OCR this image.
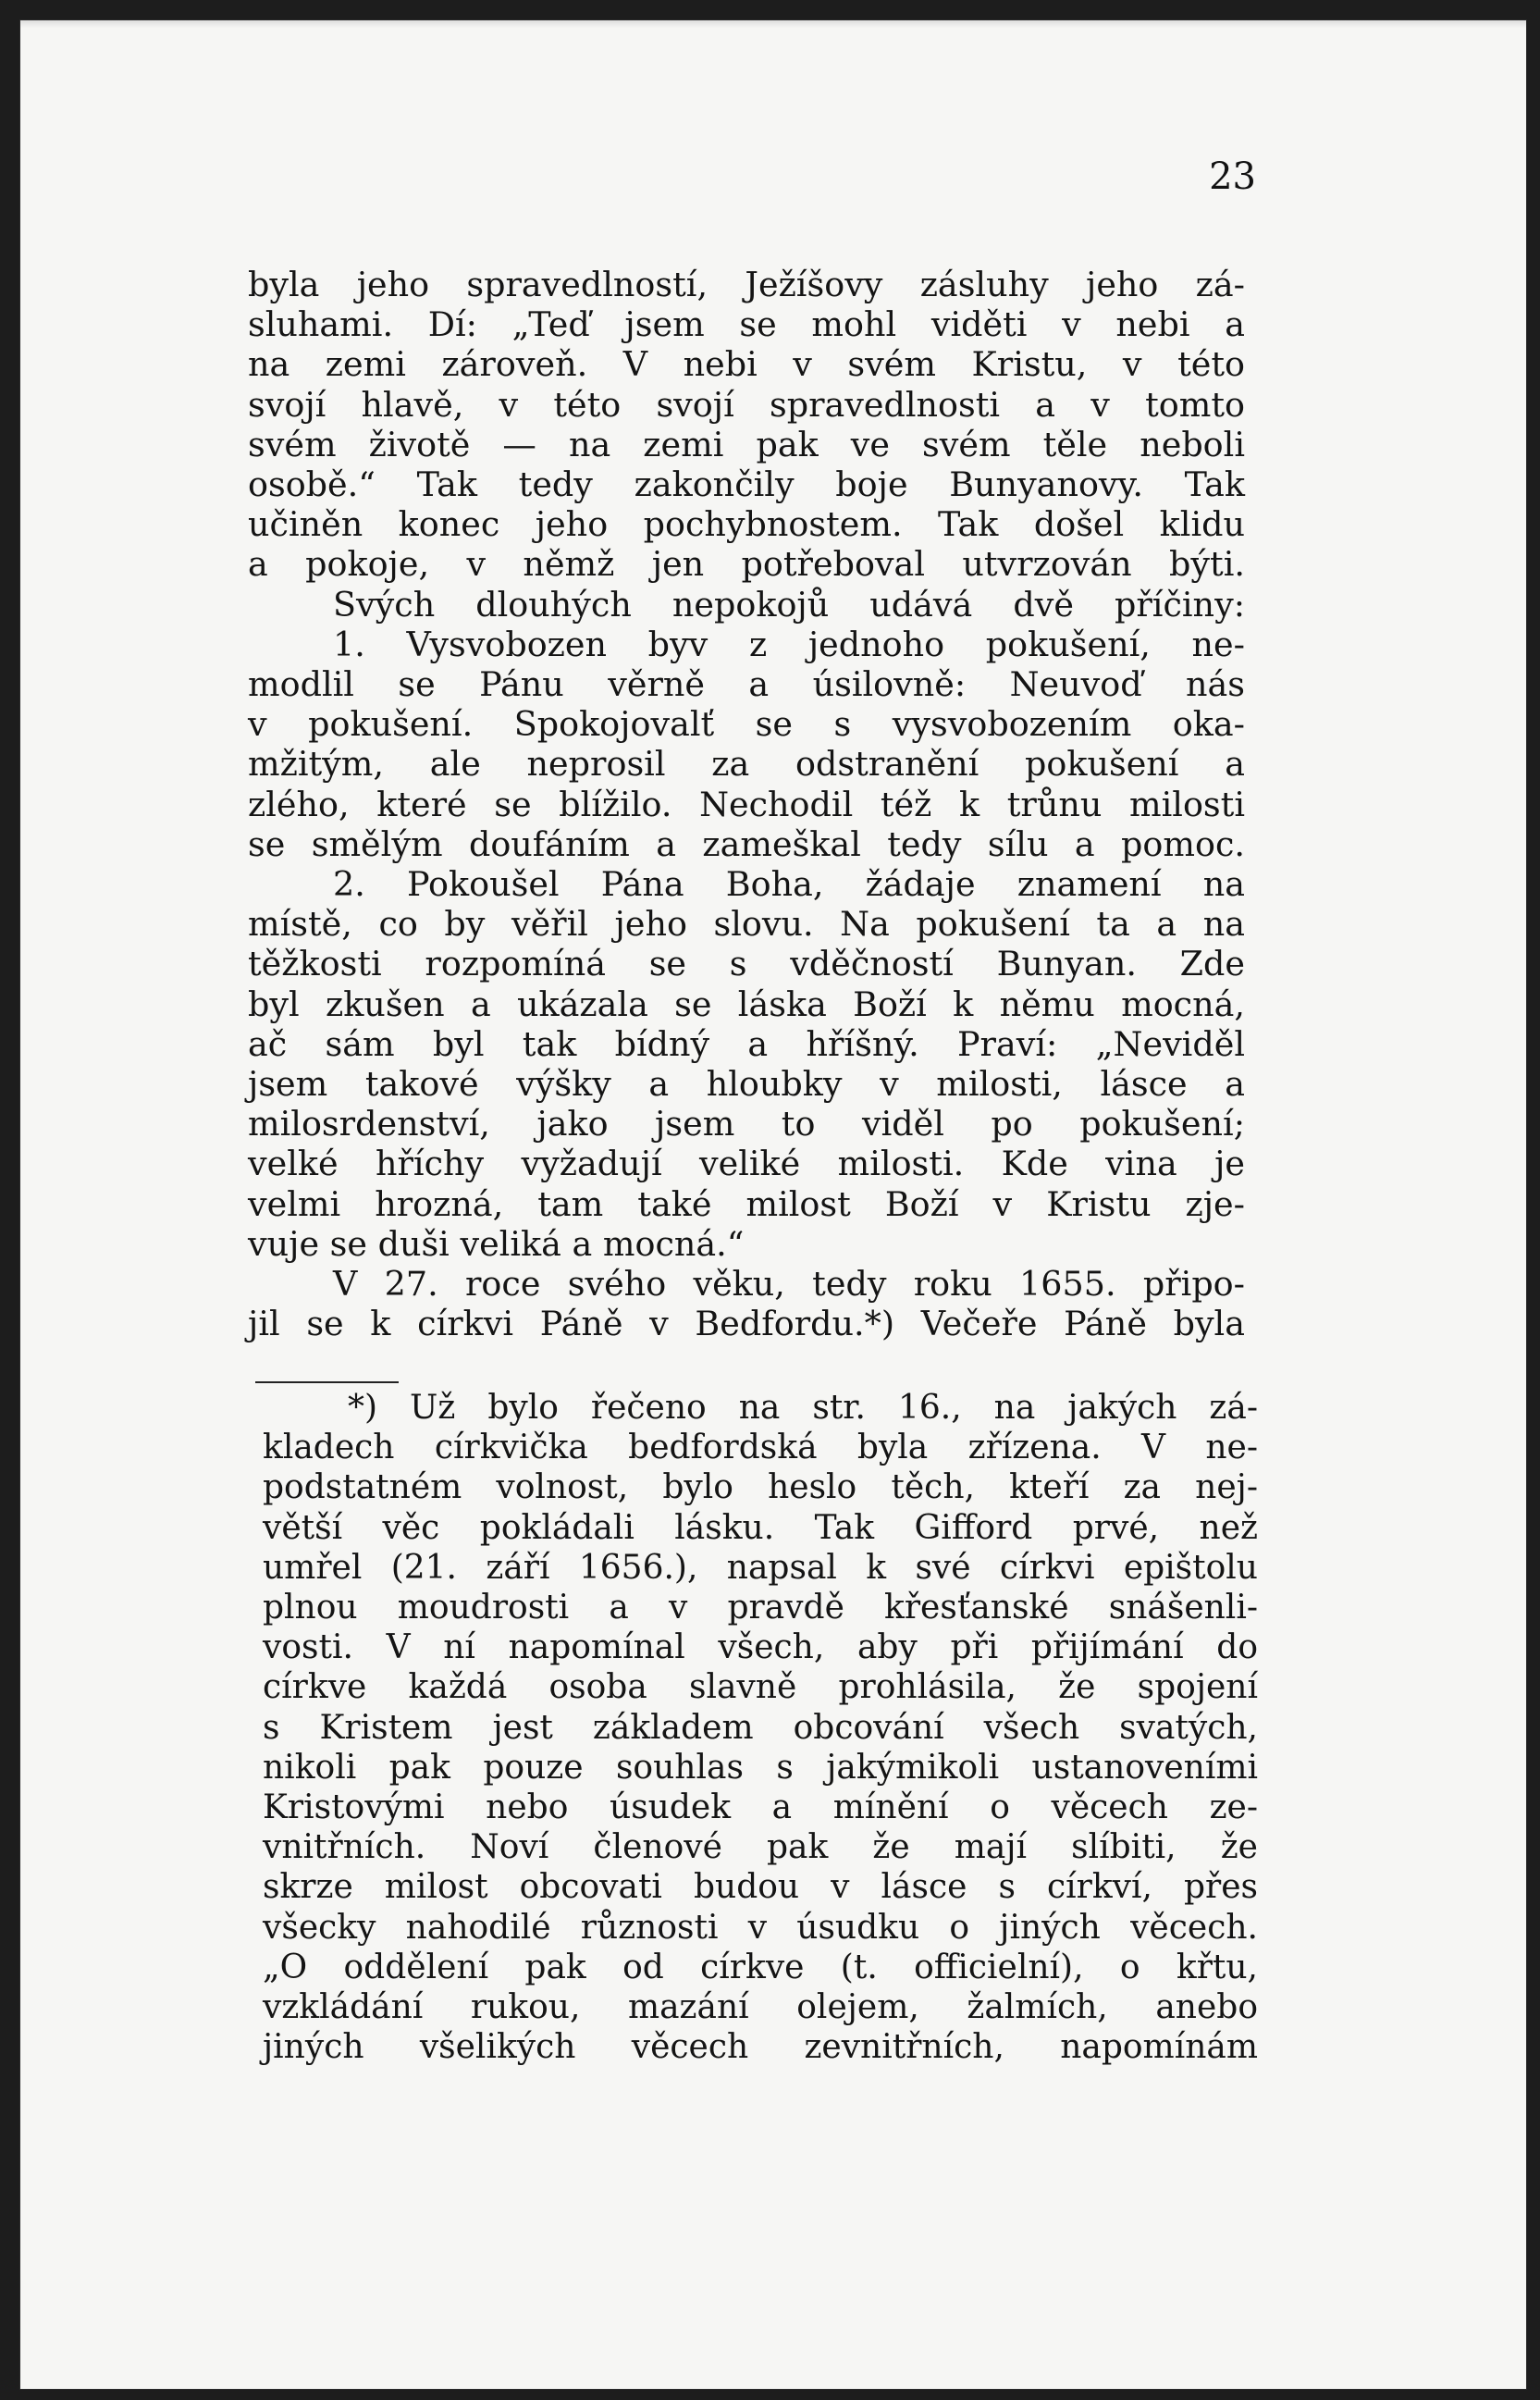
23
byla jeho spravedlností, Ježíšovy zásluhy jeho zá-
sluhami. Dí: „Teď jsem se mohl viděti v nebi a
na zemi zároveň. V nebi v svém Kristu, v této
svojí hlavě, v této svojí spravedlnosti a v tomto
svém životě — na zemi pak ve svém těle neboli
osobě.“ Tak tedy zakončily boje Bunyanovy. Tak
učiněn konec jeho pochybnostem. Tak došel klidu
a pokoje, v němž jen potřeboval utvrzován býti.
Svých dlouhých nepokojů udává dvě příčiny:
1. Vysvobozen byv z jednoho pokušení, ne-
modlil se Pánu věrně a úsilovně: Neuvoď nás
v pokušení. Spokojovalť se s vysvobozením oka-
mžitým, ale neprosil za odstranění pokušení a
zlého, které se blížilo. Nechodil též k trůnu milosti
se smělým doufáním a zameškal tedy sílu a pomoc.
2. Pokoušel Pána Boha, žádaje znamení na
místě, co by věřil jeho slovu. Na pokušení ta a na
těžkosti rozpomíná se s vděčností Bunyan. Zde
byl zkušen a ukázala se láska Boží k němu mocná,
ač sám byl tak bídný a hříšný. Praví: „Neviděl
jsem takové výšky a hloubky v milosti, lásce a
milosrdenství, jako jsem to viděl po pokušení;
velké hříchy vyžadují veliké milosti. Kde vina je
velmi hrozná, tam také milost Boží v Kristu zje-
vuje se duši veliká a mocná.“
V 27. roce svého věku, tedy roku 1655. připo-
jil se k církvi Páně v Bedfordu.*) Večeře Páně byla
*) Už bylo řečeno na str. 16., na jakých zá-
kladech církvička bedfordská byla zřízena. V ne-
podstatném volnost, bylo heslo těch, kteří za nej-
větší věc pokládali lásku. Tak Gifford prvé, než
umřel (21. září 1656.), napsal k své církvi epištolu
plnou moudrosti a v pravdě křesťanské snášenli-
vosti. V ní napomínal všech, aby při přijímání do
církve každá osoba slavně prohlásila, že spojení
s Kristem jest základem obcování všech svatých,
nikoli pak pouze souhlas s jakýmikoli ustanoveními
Kristovými nebo úsudek a mínění o věcech ze-
vnitřních. Noví členové pak že mají slíbiti, že
skrze milost obcovati budou v lásce s církví, přes
všecky nahodilé různosti v úsudku o jiných věcech.
„O oddělení pak od církve (t. officielní), o křtu,
vzkládání rukou, mazání olejem, žalmích, anebo
jiných všelikých věcech zevnitřních, napomínám
